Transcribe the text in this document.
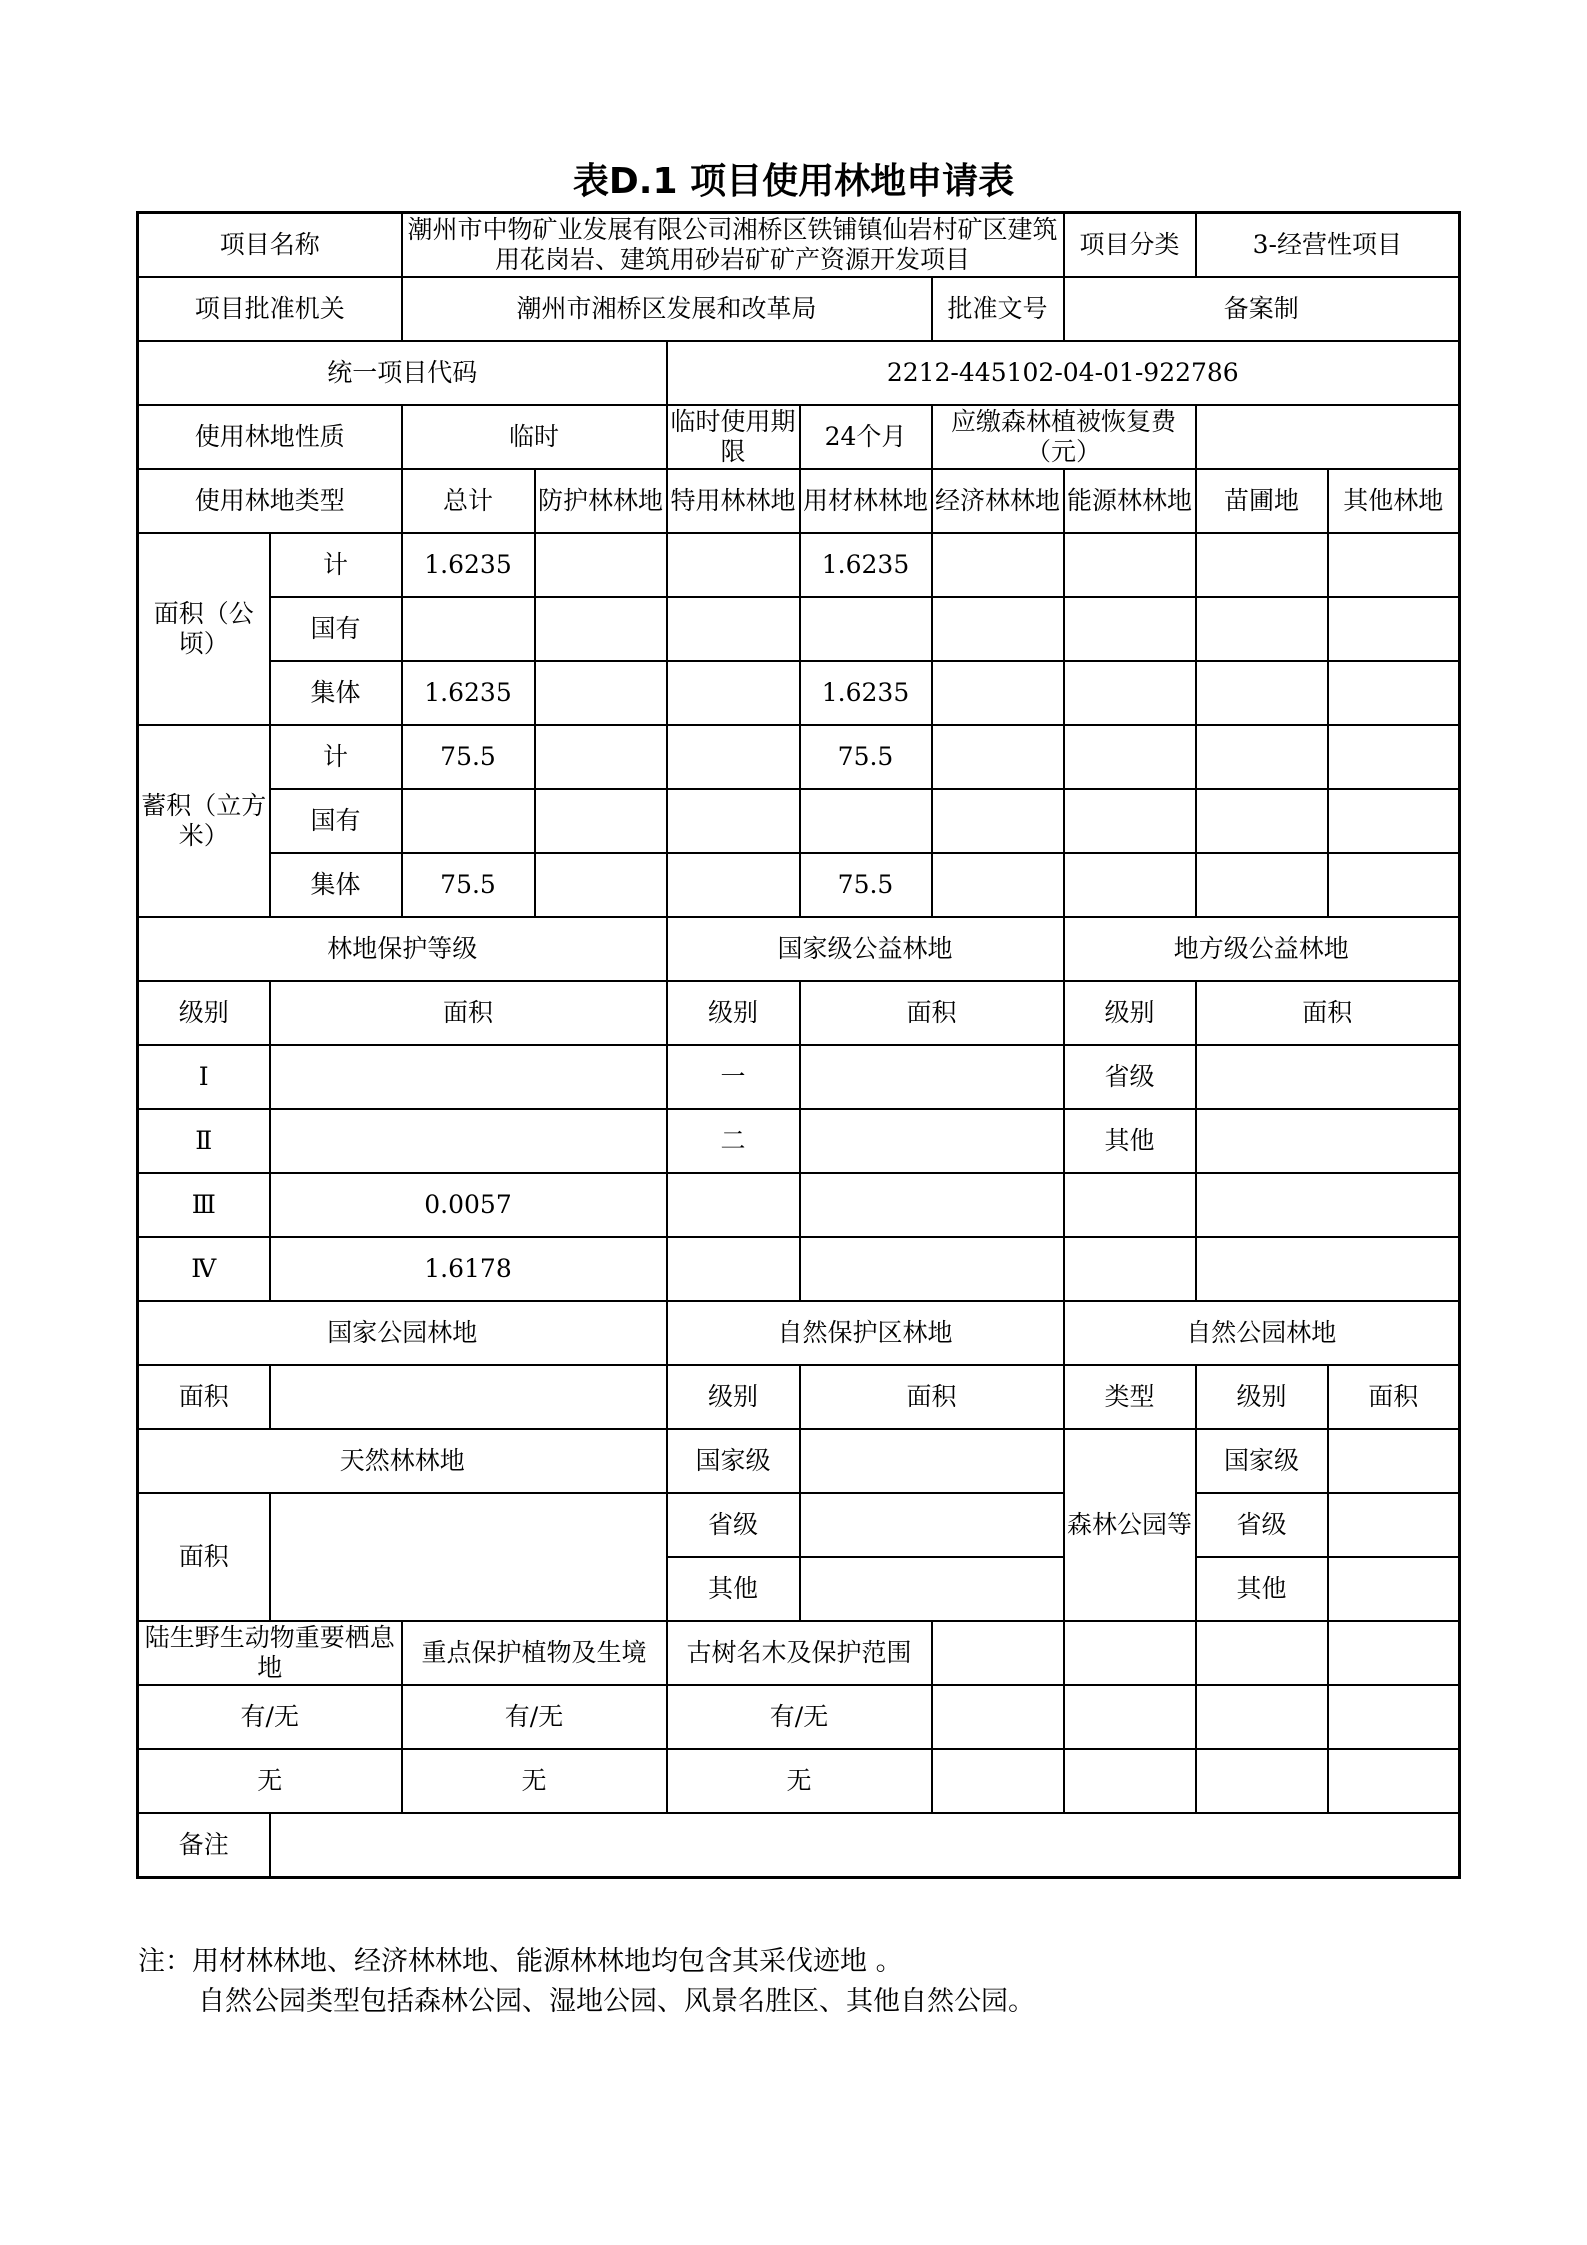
表D.1 项目使用林地申请表
项目名称		潮州市中物矿业发展有限公司湘桥区铁铺镇仙岩村矿区建筑用花岗岩、建筑用砂岩矿矿产资源开发项目					项目分类	3-经营性项目	
项目批准机关		潮州市湘桥区发展和改革局				批准文号	备案制		
统一项目代码				2212-445102-04-01-922786					
使用林地性质		临时		临时使用期限	24个月	应缴森林植被恢复费（元）			
使用林地类型		总计	防护林林地	特用林林地	用材林林地	经济林林地	能源林林地	苗圃地	其他林地
面积（公顷）	计	1.6235			1.6235				
	国有								
	集体	1.6235			1.6235				
蓄积（立方米）	计	75.5			75.5				
	国有								
	集体	75.5			75.5				
林地保护等级				国家级公益林地			地方级公益林地		
级别	面积			级别	面积		级别	面积	
Ⅰ				一			省级		
Ⅱ				二			其他		
Ⅲ	0.0057								
Ⅳ	1.6178								
国家公园林地				自然保护区林地			自然公园林地		
面积				级别	面积		类型	级别	面积
天然林林地				国家级			森林公园等	国家级	
面积				省级				省级	
				其他				其他	
陆生野生动物重要栖息地		重点保护植物及生境		古树名木及保护范围					
有/无		有/无		有/无					
无		无		无					
备注									
注：用材林林地、经济林林地、能源林林地均包含其采伐迹地 。
自然公园类型包括森林公园、湿地公园、风景名胜区、其他自然公园。
